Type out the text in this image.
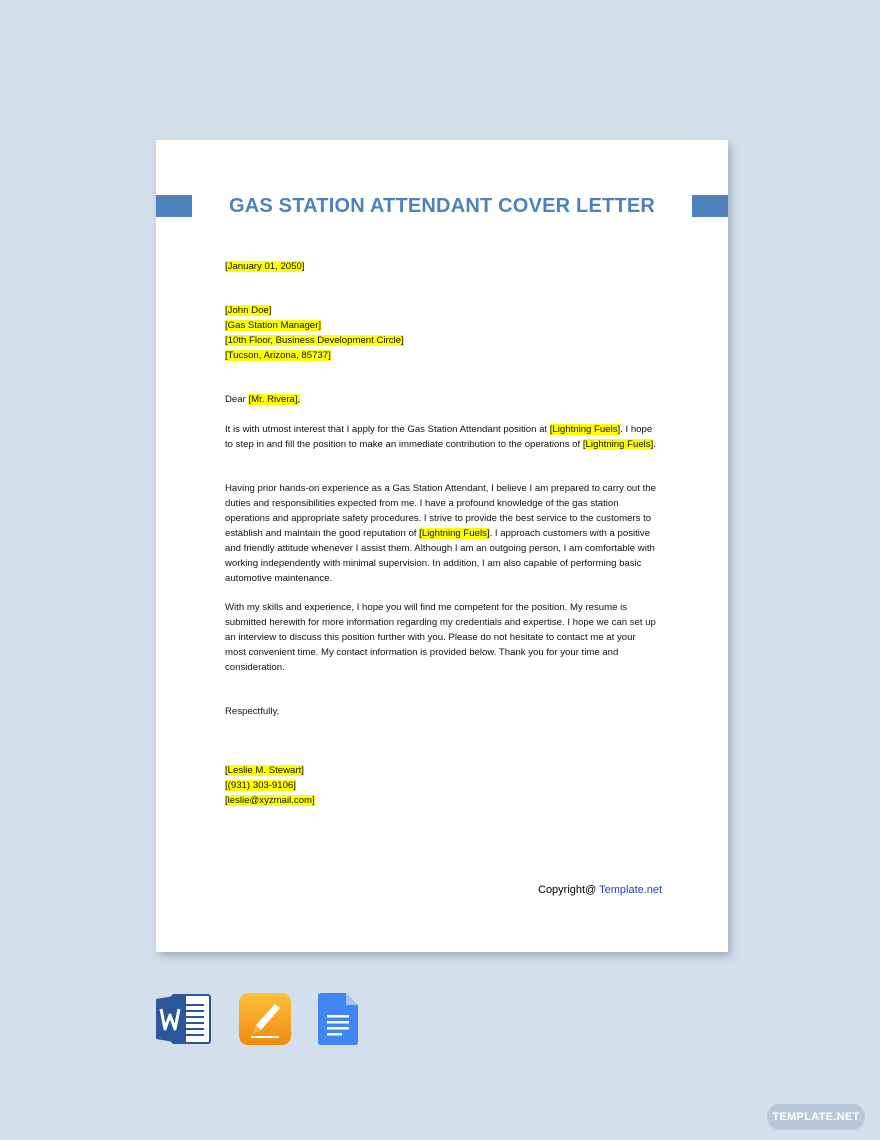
GAS STATION ATTENDANT COVER LETTER
[January 01, 2050]

[John Doe]

[Gas Station Manager]

[10th Floor, Business Development Circle]

[Tucson, Arizona, 85737]

Dear [Mr. Rivera],
It is with utmost interest that I apply for the Gas Station Attendant position at [Lightning Fuels]. I hope to step in and fill the position to make an immediate contribution to the operations of [Lightning Fuels].
Having prior hands-on experience as a Gas Station Attendant, I believe I am prepared to carry out the duties and responsibilities expected from me. I have a profound knowledge of the gas station operations and appropriate safety procedures. I strive to provide the best service to the customers to establish and maintain the good reputation of [Lightning Fuels]. I approach customers with a positive and friendly attitude whenever I assist them. Although I am an outgoing person, I am comfortable with working independently with minimal supervision. In addition, I am also capable of performing basic automotive maintenance.
With my skills and experience, I hope you will find me competent for the position. My resume is submitted herewith for more information regarding my credentials and expertise. I hope we can set up an interview to discuss this position further with you. Please do not hesitate to contact me at your most convenient time. My contact information is provided below. Thank you for your time and consideration.
Respectfully,

[Leslie M. Stewart]

[(931) 303-9106]

[leslie@xyzmail.com]

Copyright@ Template.net
TEMPLATE.NET
